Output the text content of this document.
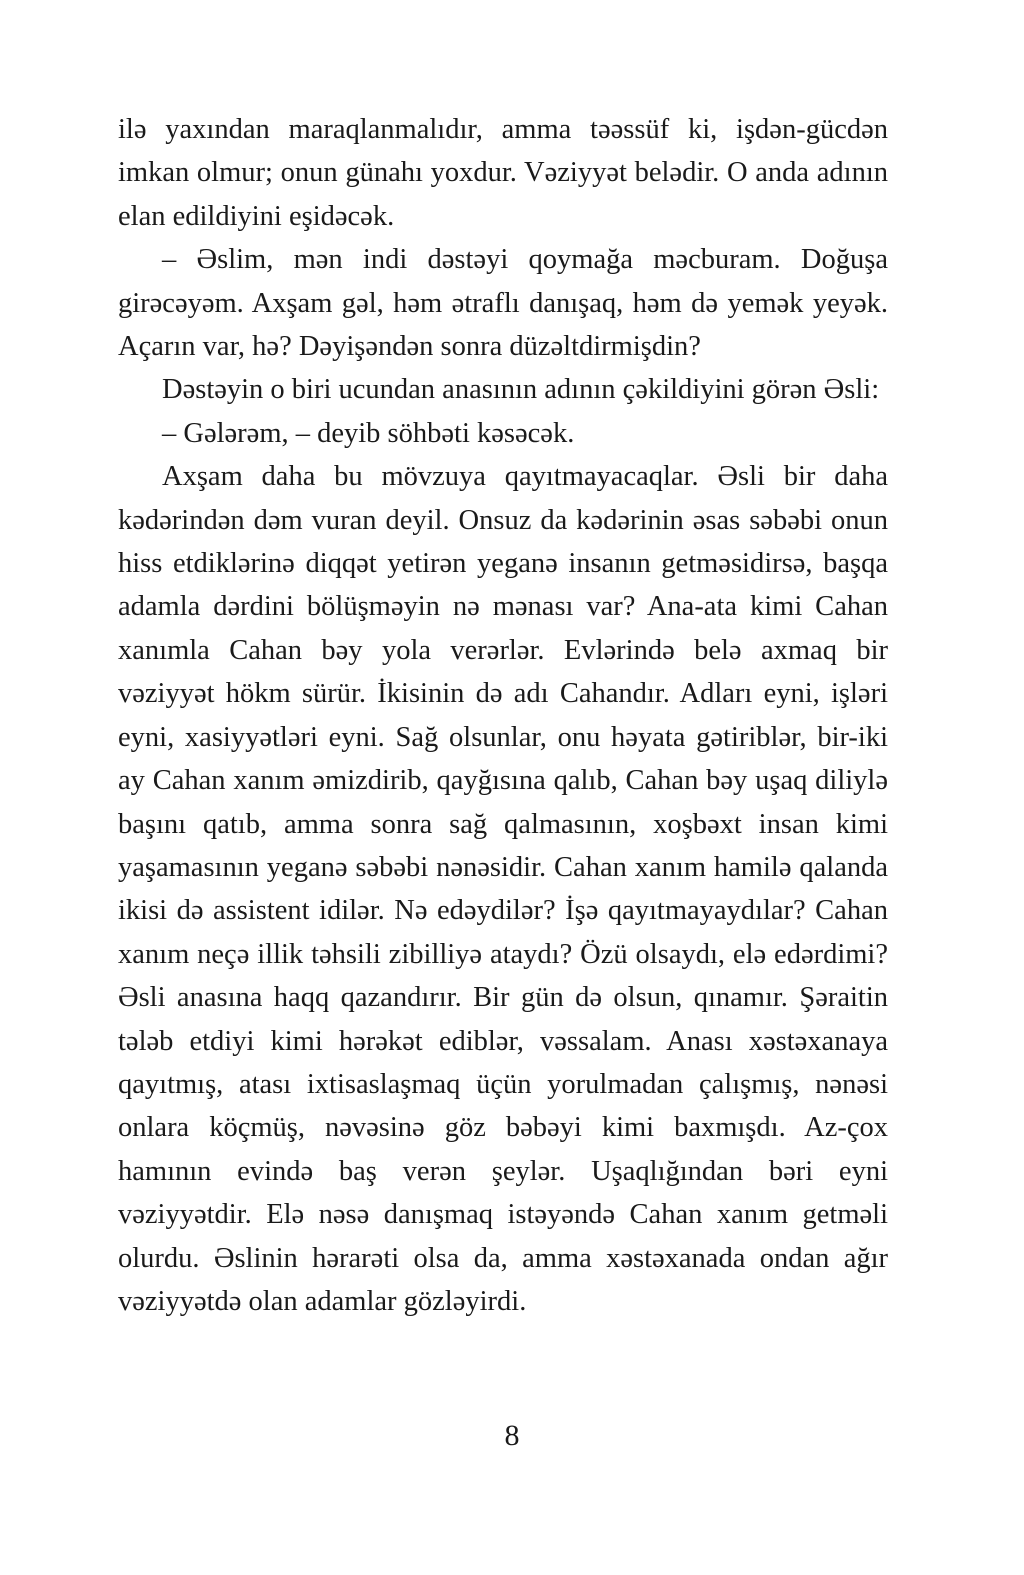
ilə yaxından maraqlanmalıdır, amma təəssüf ki, işdən-gücdən imkan olmur; onun günahı yoxdur. Vəziyyət belədir. O anda adının elan edildiyini eşidəcək.

– Əslim, mən indi dəstəyi qoymağa məcburam. Doğuşa girəcəyəm. Axşam gəl, həm ətraflı danışaq, həm də yemək yeyək. Açarın var, hə? Dəyişəndən sonra düzəltdirmişdin?

Dəstəyin o biri ucundan anasının adının çəkildiyini görən Əsli:

– Gələrəm, – deyib söhbəti kəsəcək.

Axşam daha bu mövzuya qayıtmayacaqlar. Əsli bir daha kədərindən dəm vuran deyil. Onsuz da kədərinin əsas səbəbi onun hiss etdiklərinə diqqət yetirən yeganə insanın getməsidirsə, başqa adamla dərdini bölüşməyin nə mənası var? Ana-ata kimi Cahan xanımla Cahan bəy yola verərlər. Evlərində belə axmaq bir vəziyyət hökm sürür. İkisinin də adı Cahandır. Adları eyni, işləri eyni, xasiyyətləri eyni. Sağ olsunlar, onu həyata gətiriblər, bir-iki ay Cahan xanım əmizdirib, qayğısına qalıb, Cahan bəy uşaq diliylə başını qatıb, amma sonra sağ qalmasının, xoşbəxt insan kimi yaşamasının yeganə səbəbi nənəsidir. Cahan xanım hamilə qalanda ikisi də assistent idilər. Nə edəydilər? İşə qayıtmayaydılar? Cahan xanım neçə illik təhsili zibilliyə ataydı? Özü olsaydı, elə edərdimi? Əsli anasına haqq qazandırır. Bir gün də olsun, qınamır. Şəraitin tələb etdiyi kimi hərəkət ediblər, vəssalam. Anası xəstəxanaya qayıtmış, atası ixtisaslaşmaq üçün yorulmadan çalışmış, nənəsi onlara köçmüş, nəvəsinə göz bəbəyi kimi baxmışdı. Az-çox hamının evində baş verən şeylər. Uşaqlığından bəri eyni vəziyyətdir. Elə nəsə danışmaq istəyəndə Cahan xanım getməli olurdu. Əslinin hərarəti olsa da, amma xəstəxanada ondan ağır vəziyyətdə olan adamlar gözləyirdi.

8
